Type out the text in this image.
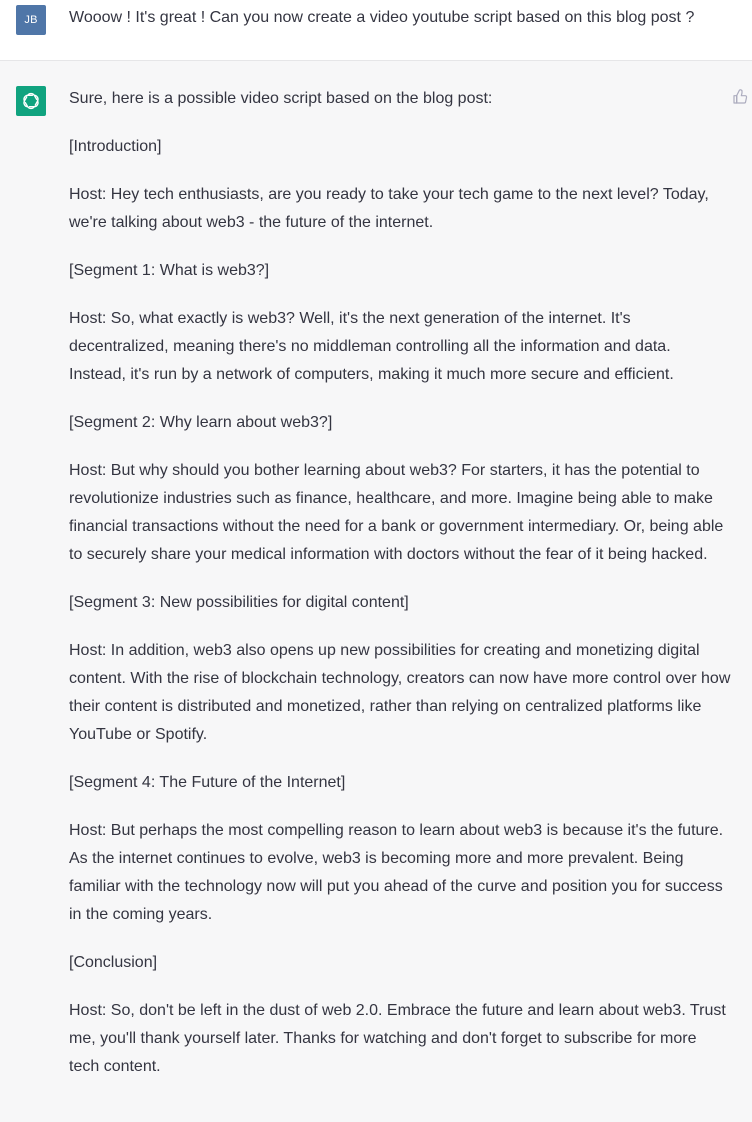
JB Wooow ! It's great ! Can you now create a video youtube script based on this blog post ?

Sure, here is a possible video script based on the blog post:

[Introduction]

Host: Hey tech enthusiasts, are you ready to take your tech game to the next level? Today, we're talking about web3 - the future of the internet.

[Segment 1: What is web3?]

Host: So, what exactly is web3? Well, it's the next generation of the internet. It's decentralized, meaning there's no middleman controlling all the information and data. Instead, it's run by a network of computers, making it much more secure and efficient.

[Segment 2: Why learn about web3?]

Host: But why should you bother learning about web3? For starters, it has the potential to revolutionize industries such as finance, healthcare, and more. Imagine being able to make financial transactions without the need for a bank or government intermediary. Or, being able to securely share your medical information with doctors without the fear of it being hacked.

[Segment 3: New possibilities for digital content]

Host: In addition, web3 also opens up new possibilities for creating and monetizing digital content. With the rise of blockchain technology, creators can now have more control over how their content is distributed and monetized, rather than relying on centralized platforms like YouTube or Spotify.

[Segment 4: The Future of the Internet]

Host: But perhaps the most compelling reason to learn about web3 is because it's the future. As the internet continues to evolve, web3 is becoming more and more prevalent. Being familiar with the technology now will put you ahead of the curve and position you for success in the coming years.

[Conclusion]

Host: So, don't be left in the dust of web 2.0. Embrace the future and learn about web3. Trust me, you'll thank yourself later. Thanks for watching and don't forget to subscribe for more tech content.
